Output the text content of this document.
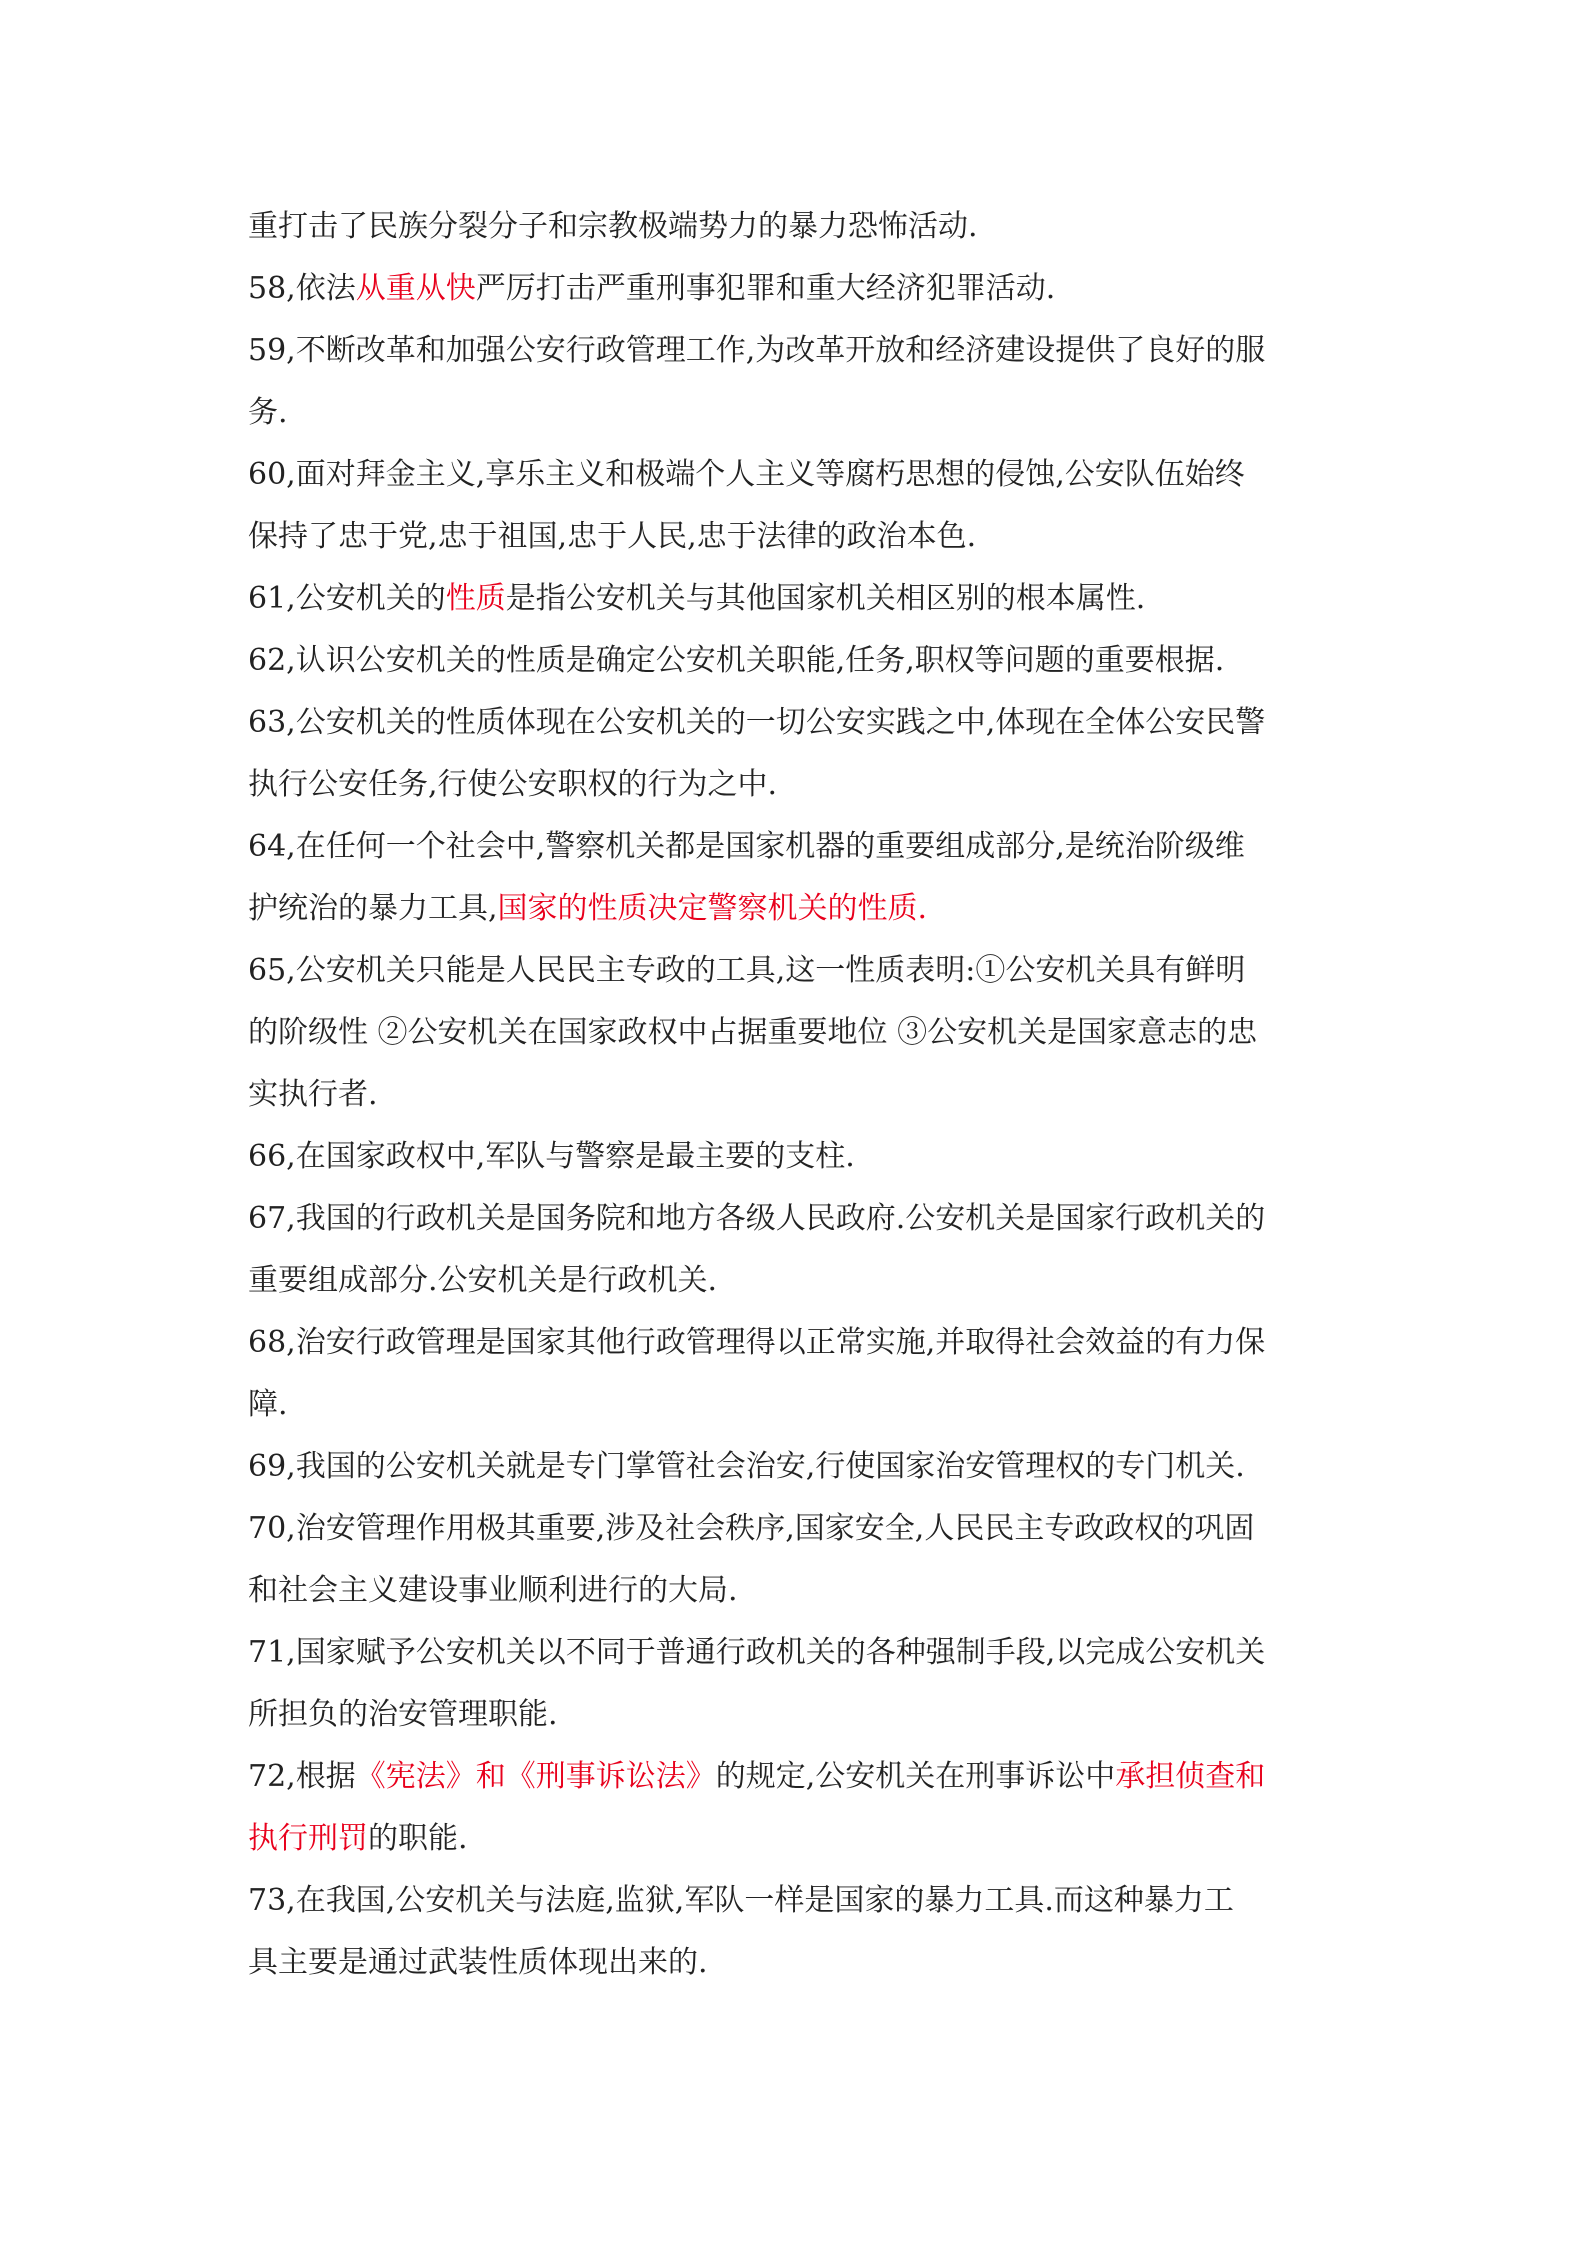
重打击了民族分裂分子和宗教极端势力的暴力恐怖活动.
58,依法从重从快严厉打击严重刑事犯罪和重大经济犯罪活动.
59,不断改革和加强公安行政管理工作,为改革开放和经济建设提供了良好的服
务.
60,面对拜金主义,享乐主义和极端个人主义等腐朽思想的侵蚀,公安队伍始终
保持了忠于党,忠于祖国,忠于人民,忠于法律的政治本色.
61,公安机关的性质是指公安机关与其他国家机关相区别的根本属性.
62,认识公安机关的性质是确定公安机关职能,任务,职权等问题的重要根据.
63,公安机关的性质体现在公安机关的一切公安实践之中,体现在全体公安民警
执行公安任务,行使公安职权的行为之中.
64,在任何一个社会中,警察机关都是国家机器的重要组成部分,是统治阶级维
护统治的暴力工具,国家的性质决定警察机关的性质.
65,公安机关只能是人民民主专政的工具,这一性质表明:①公安机关具有鲜明
的阶级性 ②公安机关在国家政权中占据重要地位 ③公安机关是国家意志的忠
实执行者.
66,在国家政权中,军队与警察是最主要的支柱.
67,我国的行政机关是国务院和地方各级人民政府.公安机关是国家行政机关的
重要组成部分.公安机关是行政机关.
68,治安行政管理是国家其他行政管理得以正常实施,并取得社会效益的有力保
障.
69,我国的公安机关就是专门掌管社会治安,行使国家治安管理权的专门机关.
70,治安管理作用极其重要,涉及社会秩序,国家安全,人民民主专政政权的巩固
和社会主义建设事业顺利进行的大局.
71,国家赋予公安机关以不同于普通行政机关的各种强制手段,以完成公安机关
所担负的治安管理职能.
72,根据《宪法》和《刑事诉讼法》的规定,公安机关在刑事诉讼中承担侦查和
执行刑罚的职能.
73,在我国,公安机关与法庭,监狱,军队一样是国家的暴力工具.而这种暴力工
具主要是通过武装性质体现出来的.
